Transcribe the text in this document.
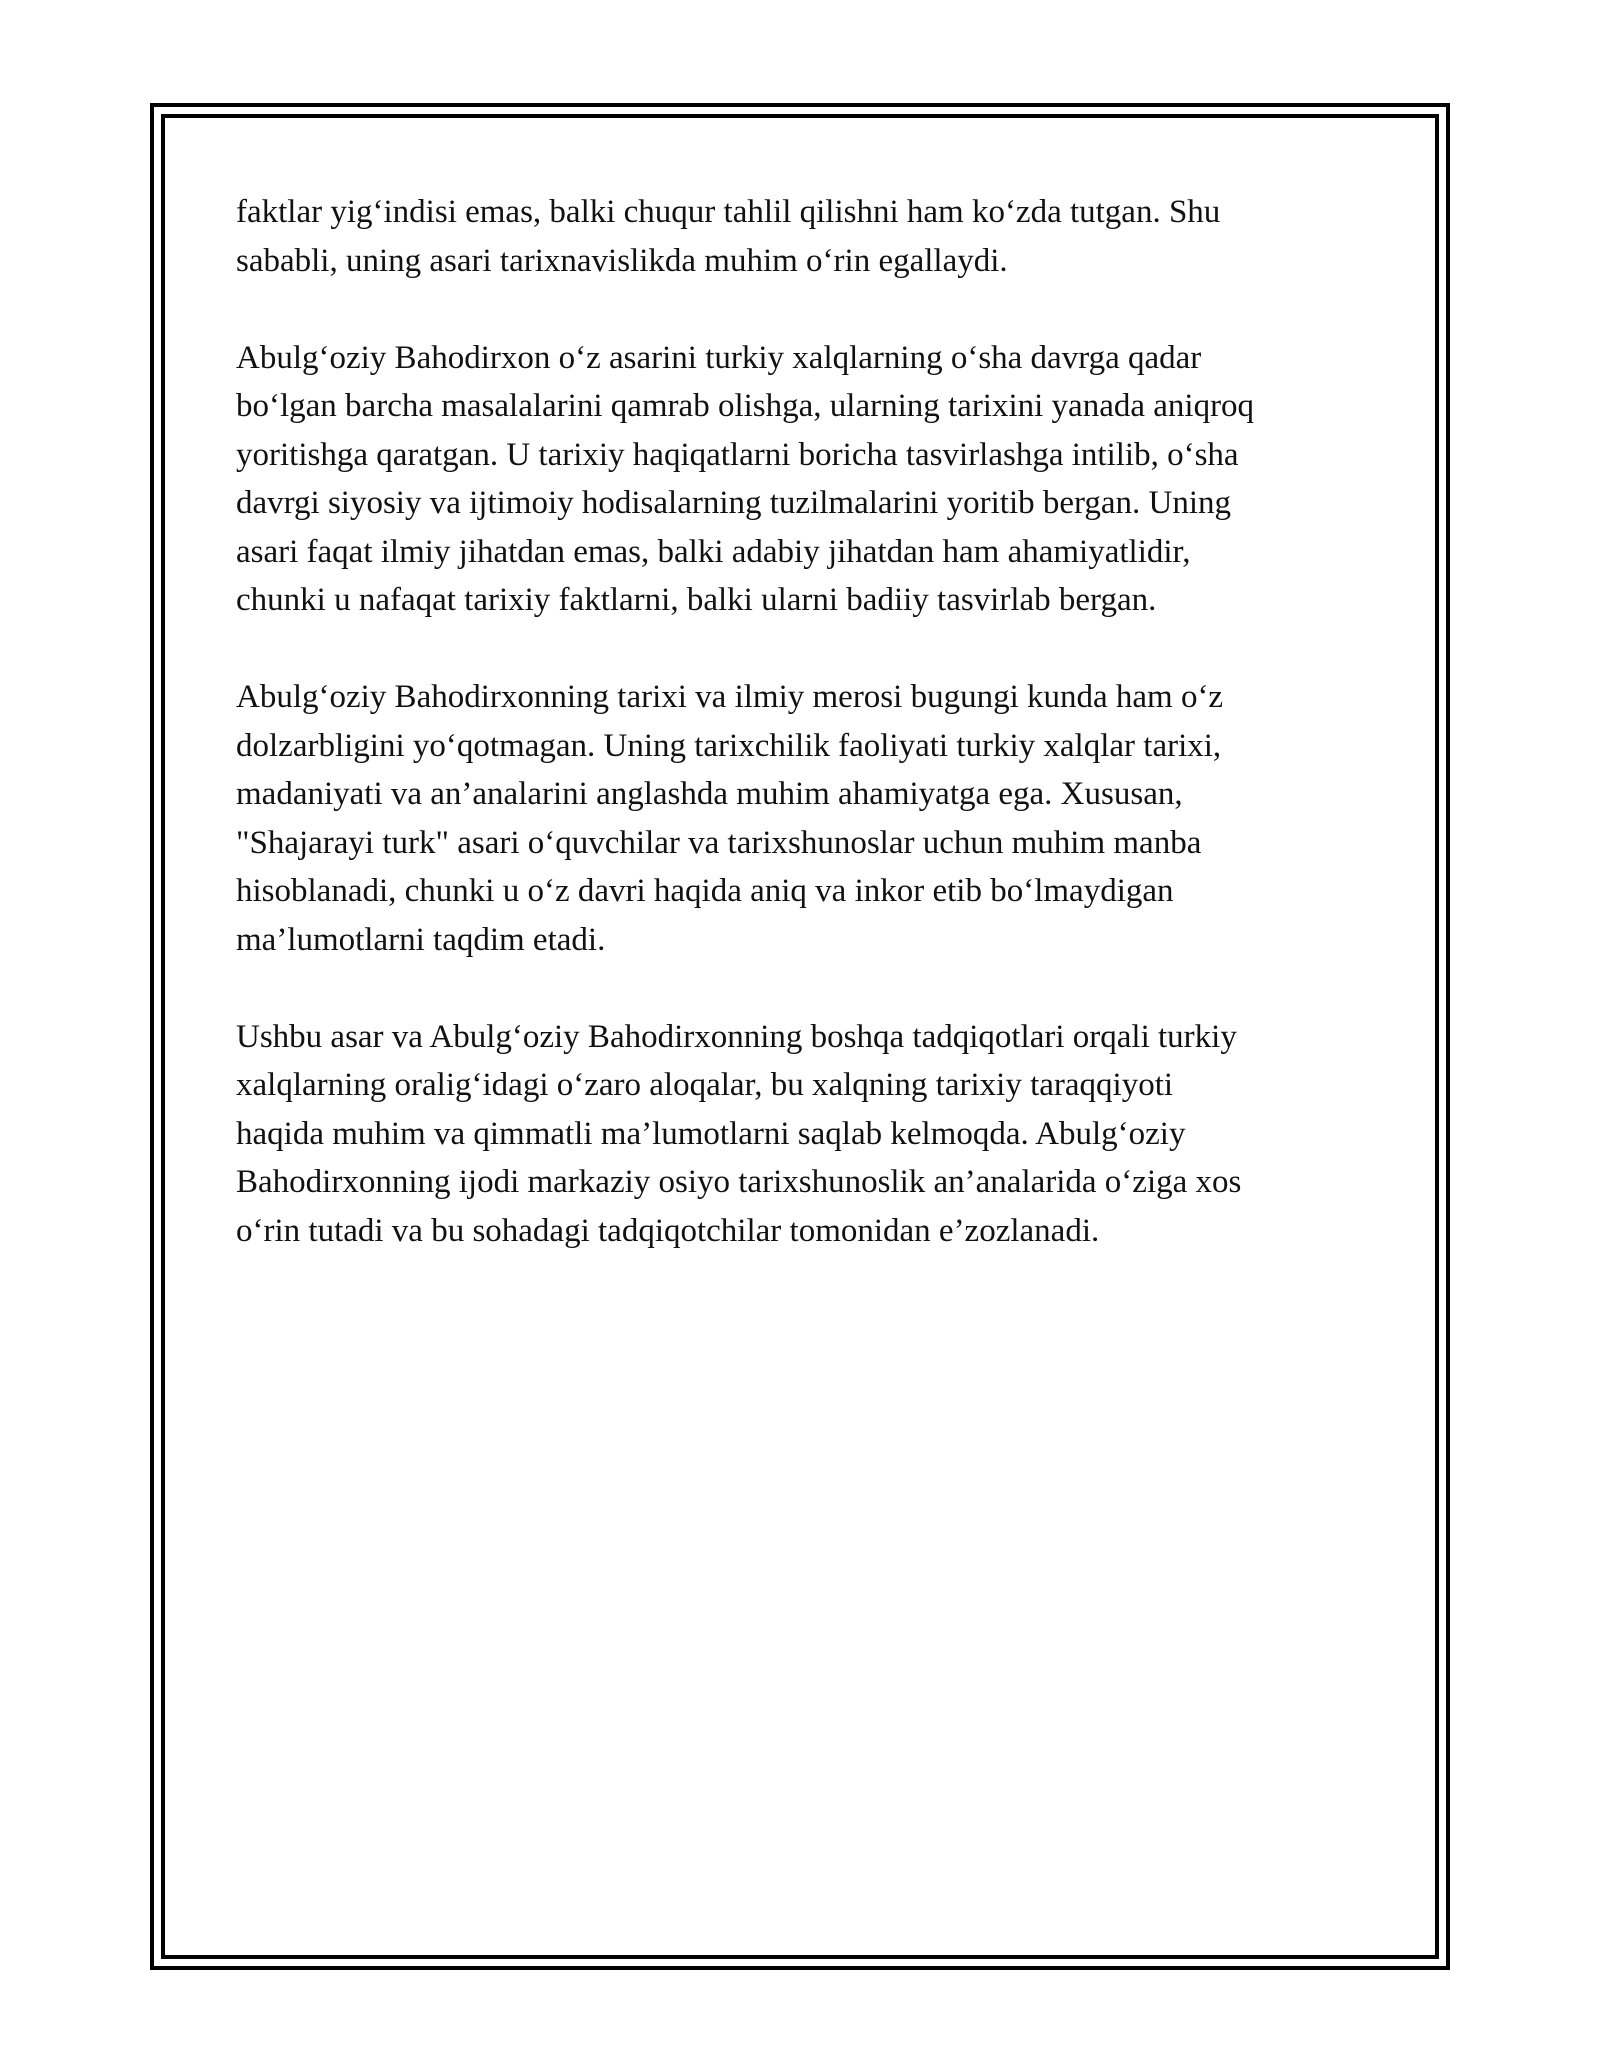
faktlar yig‘indisi emas, balki chuqur tahlil qilishni ham ko‘zda tutgan. Shu
sababli, uning asari tarixnavislikda muhim o‘rin egallaydi.

Abulg‘oziy Bahodirxon o‘z asarini turkiy xalqlarning o‘sha davrga qadar
bo‘lgan barcha masalalarini qamrab olishga, ularning tarixini yanada aniqroq
yoritishga qaratgan. U tarixiy haqiqatlarni boricha tasvirlashga intilib, o‘sha
davrgi siyosiy va ijtimoiy hodisalarning tuzilmalarini yoritib bergan. Uning
asari faqat ilmiy jihatdan emas, balki adabiy jihatdan ham ahamiyatlidir,
chunki u nafaqat tarixiy faktlarni, balki ularni badiiy tasvirlab bergan.

Abulg‘oziy Bahodirxonning tarixi va ilmiy merosi bugungi kunda ham o‘z
dolzarbligini yo‘qotmagan. Uning tarixchilik faoliyati turkiy xalqlar tarixi,
madaniyati va an’analarini anglashda muhim ahamiyatga ega. Xususan,
"Shajarayi turk" asari o‘quvchilar va tarixshunoslar uchun muhim manba
hisoblanadi, chunki u o‘z davri haqida aniq va inkor etib bo‘lmaydigan
ma’lumotlarni taqdim etadi.

Ushbu asar va Abulg‘oziy Bahodirxonning boshqa tadqiqotlari orqali turkiy
xalqlarning oralig‘idagi o‘zaro aloqalar, bu xalqning tarixiy taraqqiyoti
haqida muhim va qimmatli ma’lumotlarni saqlab kelmoqda. Abulg‘oziy
Bahodirxonning ijodi markaziy osiyo tarixshunoslik an’analarida o‘ziga xos
o‘rin tutadi va bu sohadagi tadqiqotchilar tomonidan e’zozlanadi.
